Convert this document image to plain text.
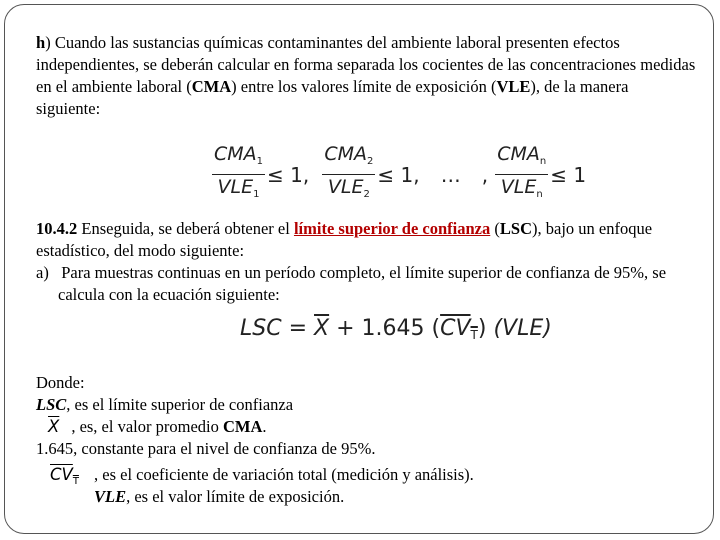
h) Cuando las sustancias químicas contaminantes del ambiente laboral presenten efectos independientes, se deberán calcular en forma separada los cocientes de las concentraciones medidas en el ambiente laboral (CMA) entre los valores límite de exposición (VLE), de la manera siguiente:
$\frac{CMA_1}{VLE_1} \le 1$, $\frac{CMA_2}{VLE_2} \le 1$, … , $\frac{CMA_n}{VLE_n} \le 1$
10.4.2 Enseguida, se deberá obtener el límite superior de confianza (LSC), bajo un enfoque estadístico, del modo siguiente:
a) Para muestras continuas en un período completo, el límite superior de confianza de 95%, se calcula con la ecuación siguiente:
LSC = $\overline{X} + 1.645$ $(CV_T)$ (VLE)
Donde:
LSC, es el límite superior de confianza
$\overline{X}$ , es, el valor promedio CMA.
1.645, constante para el nivel de confianza de 95%.
$CV_T$ , es el coeficiente de variación total (medición y análisis).
VLE, es el valor límite de exposición.
